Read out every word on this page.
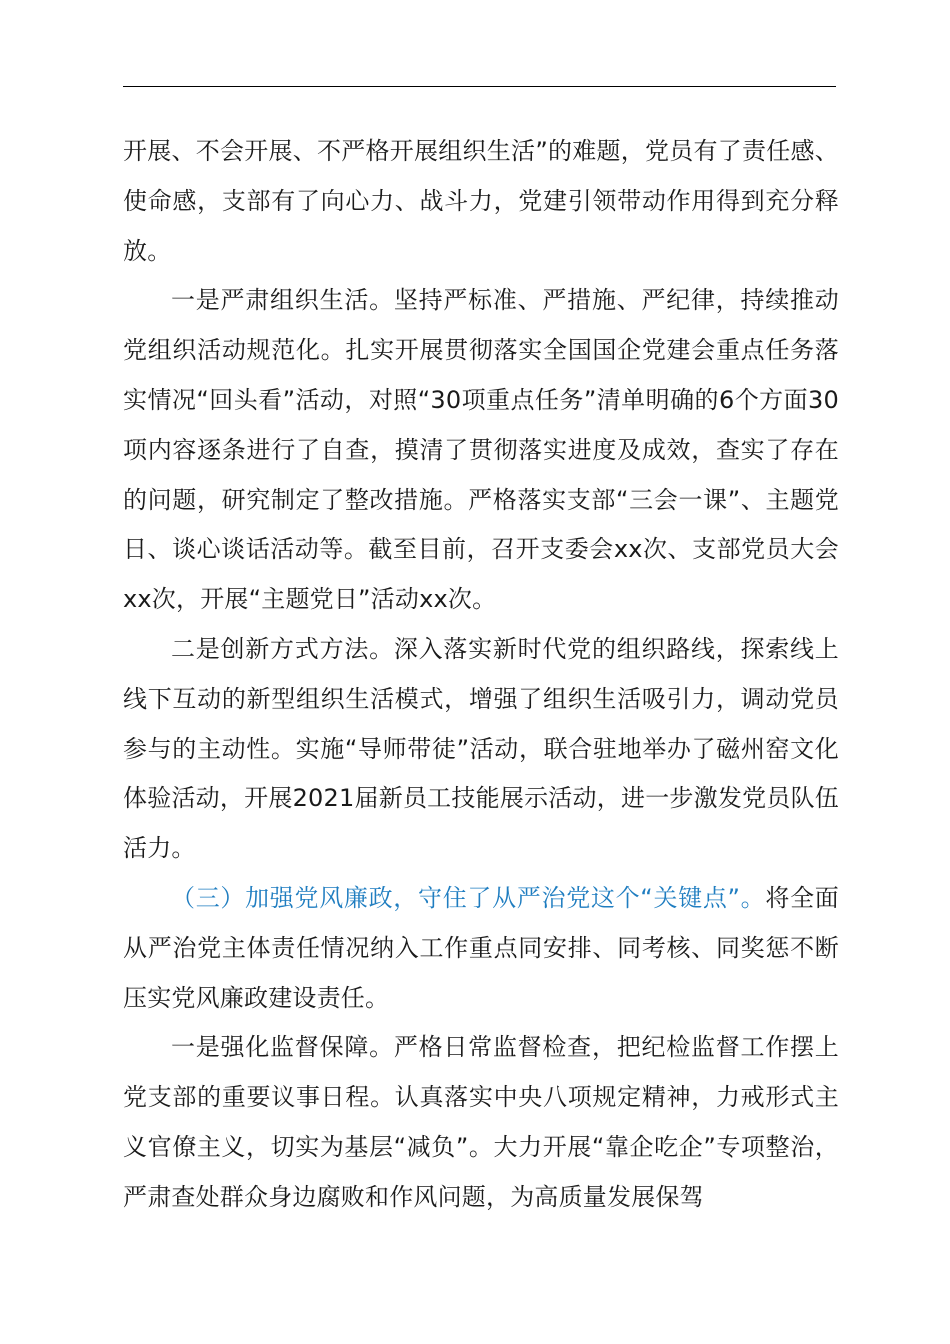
开展、不会开展、不严格开展组织生活”的难题，党员有了责任感、使命感，支部有了向心力、战斗力，党建引领带动作用得到充分释放。

一是严肃组织生活。坚持严标准、严措施、严纪律，持续推动党组织活动规范化。扎实开展贯彻落实全国国企党建会重点任务落实情况“回头看”活动，对照“30项重点任务”清单明确的6个方面30项内容逐条进行了自查，摸清了贯彻落实进度及成效，查实了存在的问题，研究制定了整改措施。严格落实支部“三会一课”、主题党日、谈心谈话活动等。截至目前，召开支委会xx次、支部党员大会xx次，开展“主题党日”活动xx次。

二是创新方式方法。深入落实新时代党的组织路线，探索线上线下互动的新型组织生活模式，增强了组织生活吸引力，调动党员参与的主动性。实施“导师带徒”活动，联合驻地举办了磁州窑文化体验活动，开展2021届新员工技能展示活动，进一步激发党员队伍活力。

（三）加强党风廉政，守住了从严治党这个“关键点”。将全面从严治党主体责任情况纳入工作重点同安排、同考核、同奖惩不断压实党风廉政建设责任。

一是强化监督保障。严格日常监督检查，把纪检监督工作摆上党支部的重要议事日程。认真落实中央八项规定精神，力戒形式主义官僚主义，切实为基层“减负”。大力开展“靠企吃企”专项整治，严肃查处群众身边腐败和作风问题，为高质量发展保驾
